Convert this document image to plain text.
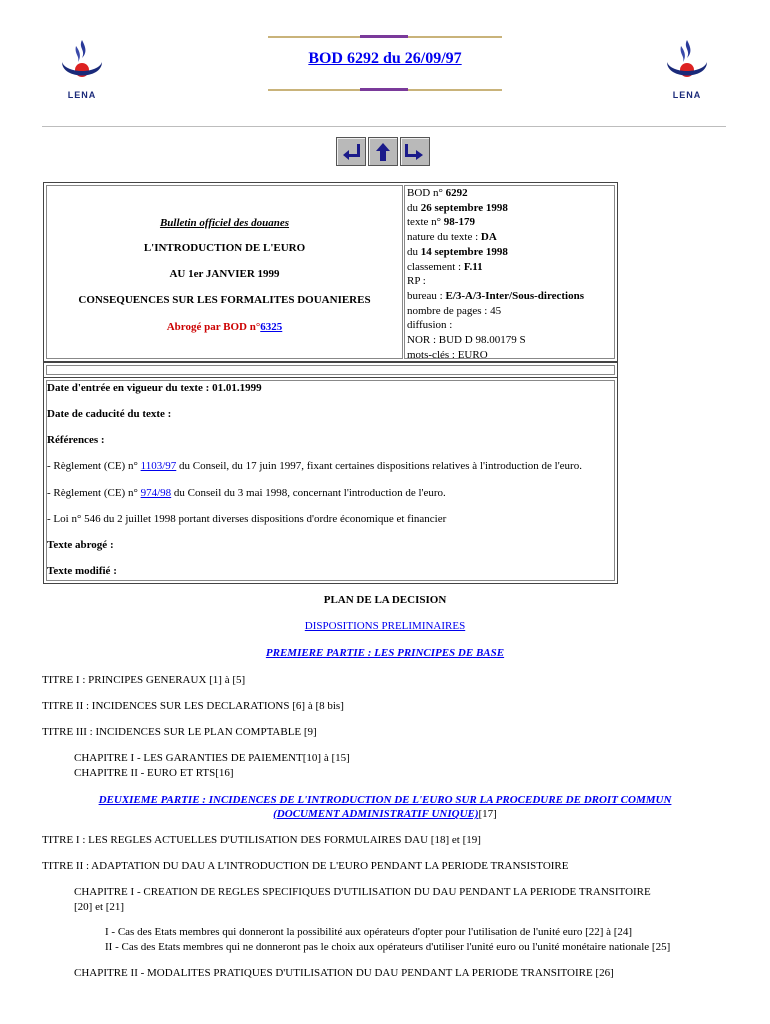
LENA
BOD 6292 du 26/09/97
LENA
Bulletin officiel des douanes
L'INTRODUCTION DE L'EURO
AU 1er JANVIER 1999
CONSEQUENCES SUR LES FORMALITES DOUANIERES
Abrogé par BOD n°6325
BOD n° 6292
du 26 septembre 1998
texte n° 98-179
nature du texte : DA
du 14 septembre 1998
classement : F.11
RP :
bureau : E/3-A/3-Inter/Sous-directions
nombre de pages : 45
diffusion :
NOR : BUD D 98.00179 S
mots-clés : EURO
Date d'entrée en vigueur du texte : 01.01.1999
Date de caducité du texte :
Références :
- Règlement (CE) n° 1103/97 du Conseil, du 17 juin 1997, fixant certaines dispositions relatives à l'introduction de l'euro.
- Règlement (CE) n° 974/98 du Conseil du 3 mai 1998, concernant l'introduction de l'euro.
- Loi n° 546 du 2 juillet 1998 portant diverses dispositions d'ordre économique et financier
Texte abrogé :
Texte modifié :
PLAN DE LA DECISION
DISPOSITIONS PRELIMINAIRES
PREMIERE PARTIE : LES PRINCIPES DE BASE
TITRE I : PRINCIPES GENERAUX [1] à [5]
TITRE II : INCIDENCES SUR LES DECLARATIONS [6] à [8 bis]
TITRE III : INCIDENCES SUR LE PLAN COMPTABLE [9]
CHAPITRE I - LES GARANTIES DE PAIEMENT[10] à [15]
CHAPITRE II - EURO ET RTS[16]
DEUXIEME PARTIE : INCIDENCES DE L'INTRODUCTION DE L'EURO SUR LA PROCEDURE DE DROIT COMMUN
(DOCUMENT ADMINISTRATIF UNIQUE)[17]
TITRE I : LES REGLES ACTUELLES D'UTILISATION DES FORMULAIRES DAU [18] et [19]
TITRE II : ADAPTATION DU DAU A L'INTRODUCTION DE L'EURO PENDANT LA PERIODE TRANSISTOIRE
CHAPITRE I - CREATION DE REGLES SPECIFIQUES D'UTILISATION DU DAU PENDANT LA PERIODE TRANSITOIRE
[20] et [21]
I - Cas des Etats membres qui donneront la possibilité aux opérateurs d'opter pour l'utilisation de l'unité euro [22] à [24]
II - Cas des Etats membres qui ne donneront pas le choix aux opérateurs d'utiliser l'unité euro ou l'unité monétaire nationale [25]
CHAPITRE II - MODALITES PRATIQUES D'UTILISATION DU DAU PENDANT LA PERIODE TRANSITOIRE [26]
